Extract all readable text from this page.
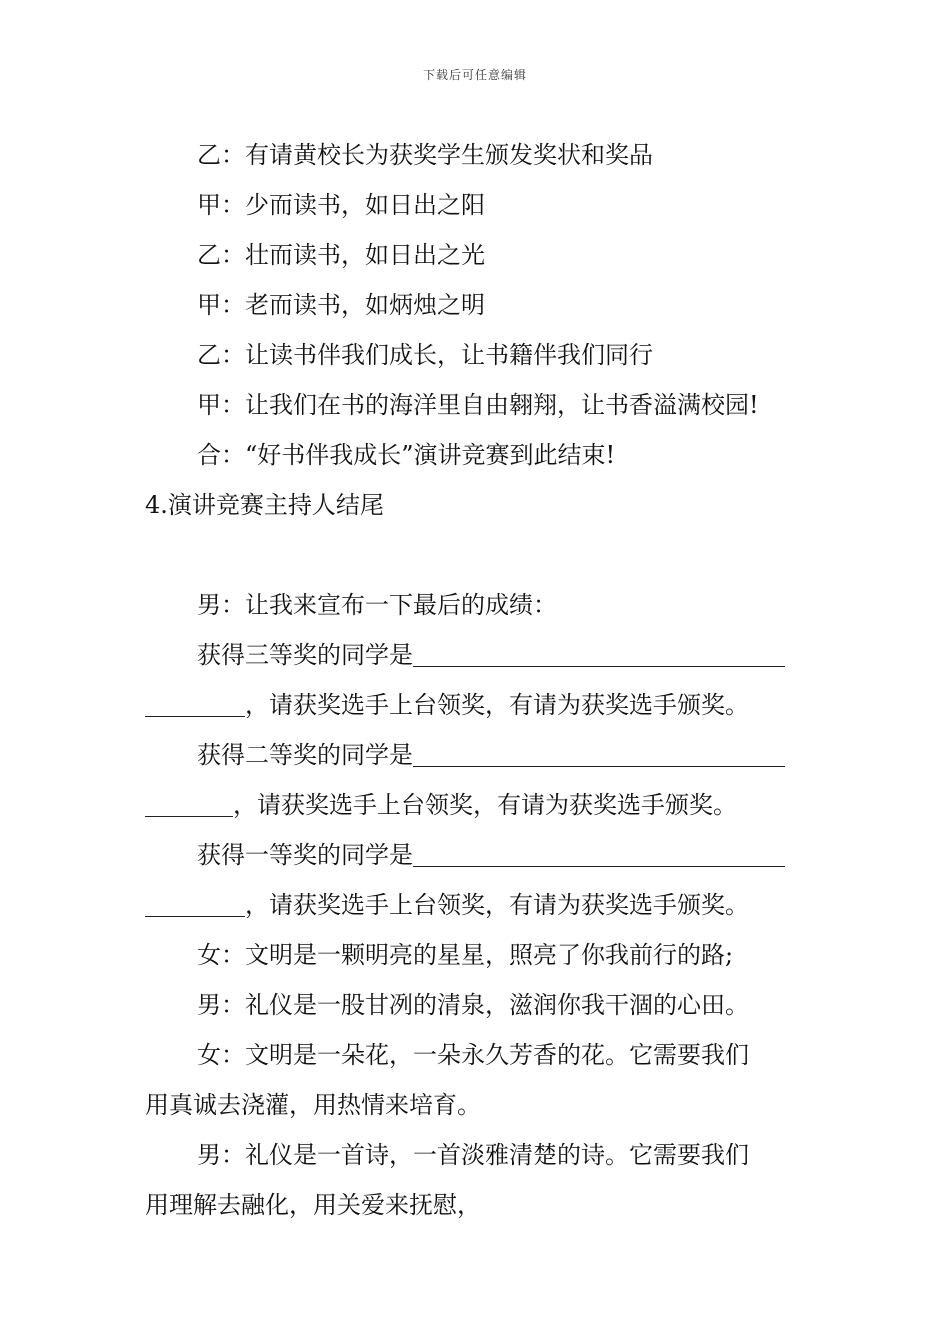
下载后可任意编辑
乙：有请黄校长为获奖学生颁发奖状和奖品
甲：少而读书，如日出之阳
乙：壮而读书，如日出之光
甲：老而读书，如炳烛之明
乙：让读书伴我们成长，让书籍伴我们同行
甲：让我们在书的海洋里自由翱翔，让书香溢满校园!
合：“好书伴我成长”演讲竞赛到此结束!
4.演讲竞赛主持人结尾
男：让我来宣布一下最后的成绩：
获得三等奖的同学是
，请获奖选手上台领奖，有请为获奖选手颁奖。
获得二等奖的同学是
，请获奖选手上台领奖，有请为获奖选手颁奖。
获得一等奖的同学是
，请获奖选手上台领奖，有请为获奖选手颁奖。
女：文明是一颗明亮的星星，照亮了你我前行的路;
男：礼仪是一股甘冽的清泉，滋润你我干涸的心田。
女：文明是一朵花，一朵永久芳香的花。它需要我们
用真诚去浇灌，用热情来培育。
男：礼仪是一首诗，一首淡雅清楚的诗。它需要我们
用理解去融化，用关爱来抚慰，
